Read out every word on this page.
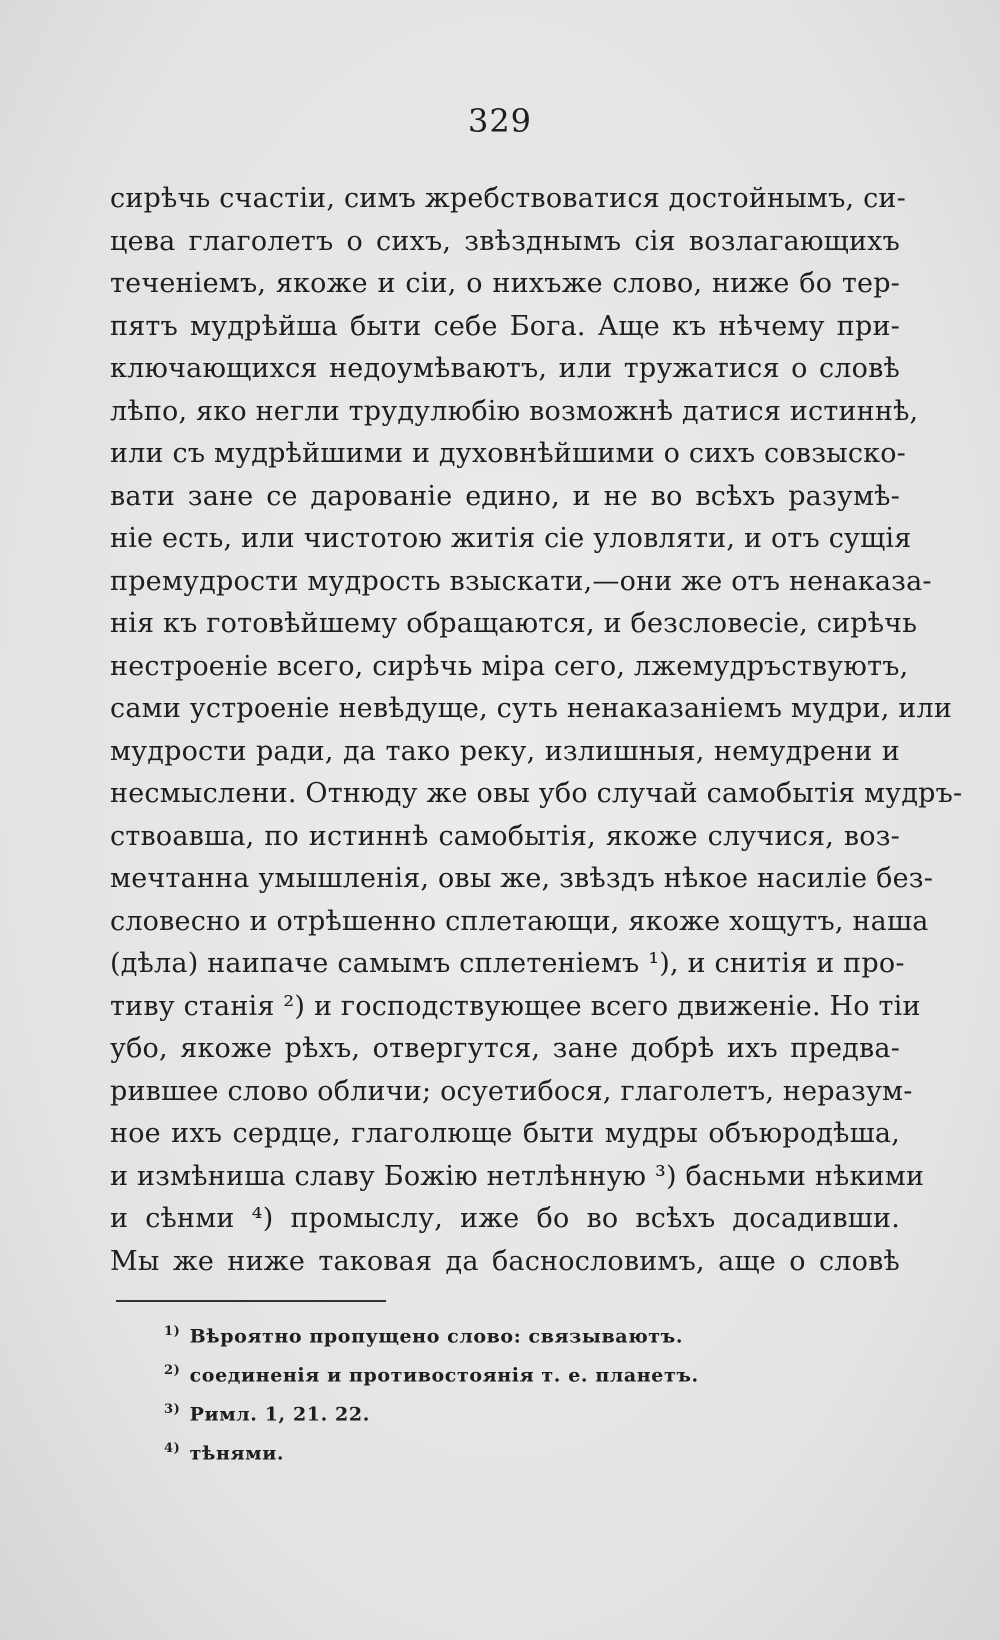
329
сирѣчь счастіи, симъ жребствоватися достойнымъ, си-
цева глаголетъ о сихъ, звѣзднымъ сія возлагающихъ
теченіемъ, якоже и сіи, о нихъже слово, ниже бо тер-
пятъ мудрѣйша быти себе Бога. Аще къ нѣчему при-
ключающихся недоумѣваютъ, или тружатися о словѣ
лѣпо, яко негли трудулюбію возможнѣ датися истиннѣ,
или съ мудрѣйшими и духовнѣйшими о сихъ совзыско-
вати зане се дарованіе едино, и не во всѣхъ разумѣ-
ніе есть, или чистотою житія сіе уловляти, и отъ сущія
премудрости мудрость взыскати,—они же отъ ненаказа-
нія къ готовѣйшему обращаются, и безсловесіе, сирѣчь
нестроеніе всего, сирѣчь міра сего, лжемудръствуютъ,
сами устроеніе невѣдуще, суть ненаказаніемъ мудри, или
мудрости ради, да тако реку, излишныя, немудрени и
несмыслени. Отнюду же овы убо случай самобытія мудръ-
ствоавша, по истиннѣ самобытія, якоже случися, воз-
мечтанна умышленія, овы же, звѣздъ нѣкое насиліе без-
словесно и отрѣшенно сплетающи, якоже хощутъ, наша
(дѣла) наипаче самымъ сплетеніемъ ¹), и снитія и про-
тиву станія ²) и господствующее всего движеніе. Но тіи
убо, якоже рѣхъ, отвергутся, зане добрѣ ихъ предва-
рившее слово обличи; осуетибося, глаголетъ, неразум-
ное ихъ сердце, глаголюще быти мудры объюродѣша,
и измѣниша славу Божію нетлѣнную ³) басньми нѣкими
и сѣнми ⁴) промыслу, иже бо во всѣхъ досадивши.
Мы же ниже таковая да баснословимъ, аще о словѣ
$^{1)}$ Вѣроятно пропущено слово: связываютъ.
$^{2)}$ соединенія и противостоянія т. е. планетъ.
$^{3)}$ Римл. 1, 21. 22.
$^{4)}$ тѣнями.
